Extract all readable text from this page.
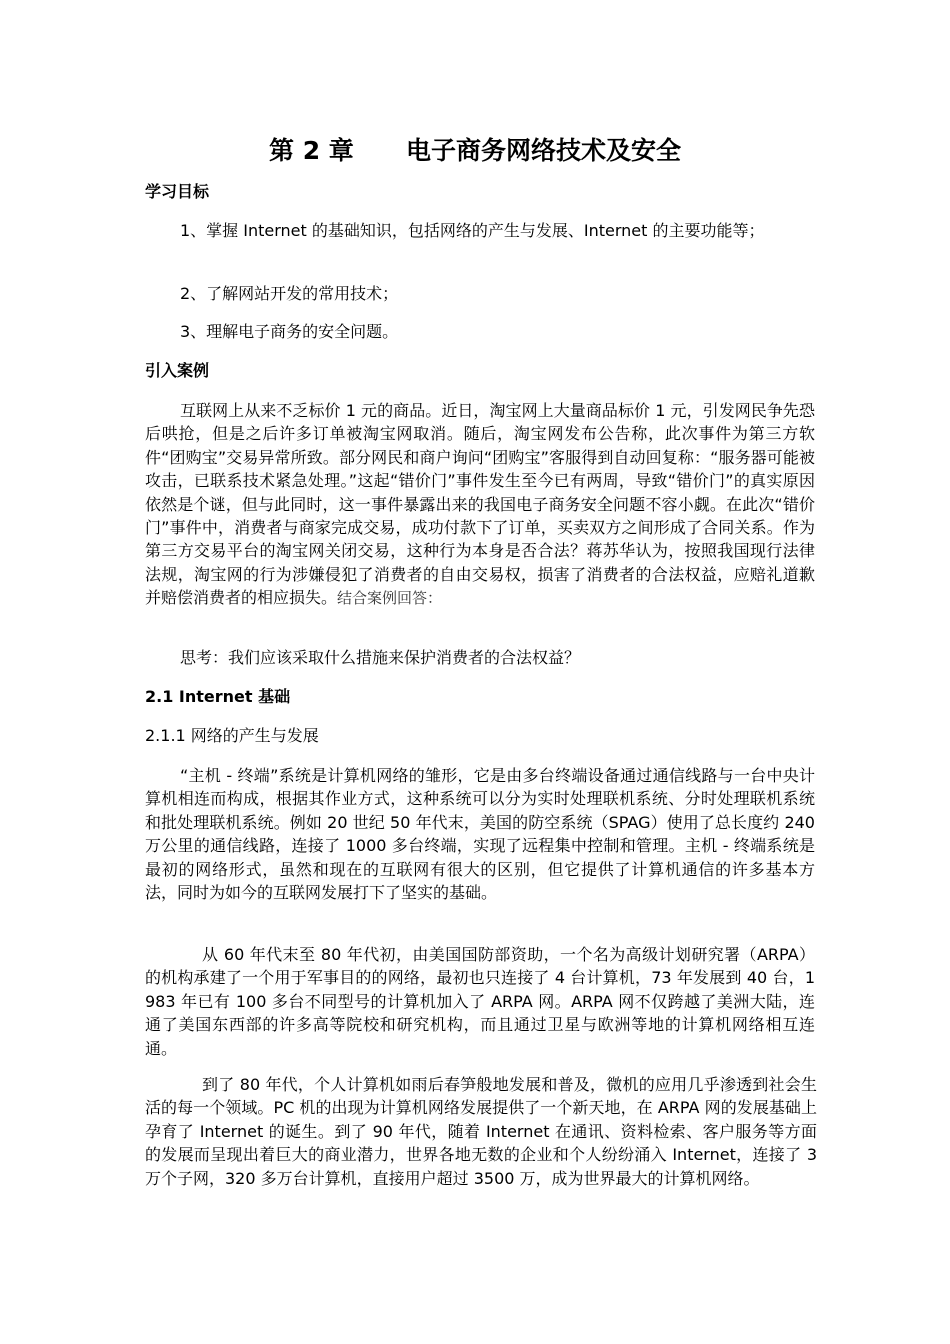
第 2 章      电子商务网络技术及安全
学习目标

1、掌握 Internet 的基础知识，包括网络的产生与发展、Internet 的主要功能等；

2、了解网站开发的常用技术；

3、理解电子商务的安全问题。

引入案例

互联网上从来不乏标价 1 元的商品。近日，淘宝网上大量商品标价 1 元，引发网民争先恐后哄抢，但是之后许多订单被淘宝网取消。随后，淘宝网发布公告称，此次事件为第三方软件“团购宝”交易异常所致。部分网民和商户询问“团购宝”客服得到自动回复称：“服务器可能被攻击，已联系技术紧急处理。”这起“错价门”事件发生至今已有两周，导致“错价门”的真实原因依然是个谜，但与此同时，这一事件暴露出来的我国电子商务安全问题不容小觑。在此次“错价门”事件中，消费者与商家完成交易，成功付款下了订单，买卖双方之间形成了合同关系。作为第三方交易平台的淘宝网关闭交易，这种行为本身是否合法？蒋苏华认为，按照我国现行法律法规，淘宝网的行为涉嫌侵犯了消费者的自由交易权，损害了消费者的合法权益，应赔礼道歉并赔偿消费者的相应损失。结合案例回答：

思考：我们应该采取什么措施来保护消费者的合法权益？

2.1 Internet 基础

2.1.1 网络的产生与发展

“主机 - 终端”系统是计算机网络的雏形，它是由多台终端设备通过通信线路与一台中央计算机相连而构成，根据其作业方式，这种系统可以分为实时处理联机系统、分时处理联机系统和批处理联机系统。例如 20 世纪 50 年代末，美国的防空系统（SPAG）使用了总长度约 240 万公里的通信线路，连接了 1000 多台终端，实现了远程集中控制和管理。主机 - 终端系统是最初的网络形式，虽然和现在的互联网有很大的区别，但它提供了计算机通信的许多基本方法，同时为如今的互联网发展打下了坚实的基础。

从 60 年代末至 80 年代初，由美国国防部资助，一个名为高级计划研究署（ARPA）的机构承建了一个用于军事目的的网络，最初也只连接了 4 台计算机，73 年发展到 40 台，1983 年已有 100 多台不同型号的计算机加入了 ARPA 网。ARPA 网不仅跨越了美洲大陆，连通了美国东西部的许多高等院校和研究机构，而且通过卫星与欧洲等地的计算机网络相互连通。

到了 80 年代，个人计算机如雨后春笋般地发展和普及，微机的应用几乎渗透到社会生活的每一个领域。PC 机的出现为计算机网络发展提供了一个新天地，在 ARPA 网的发展基础上孕育了 Internet 的诞生。到了 90 年代，随着 Internet 在通讯、资料检索、客户服务等方面的发展而呈现出着巨大的商业潜力，世界各地无数的企业和个人纷纷涌入 Internet，连接了 3 万个子网，320 多万台计算机，直接用户超过 3500 万，成为世界最大的计算机网络。
